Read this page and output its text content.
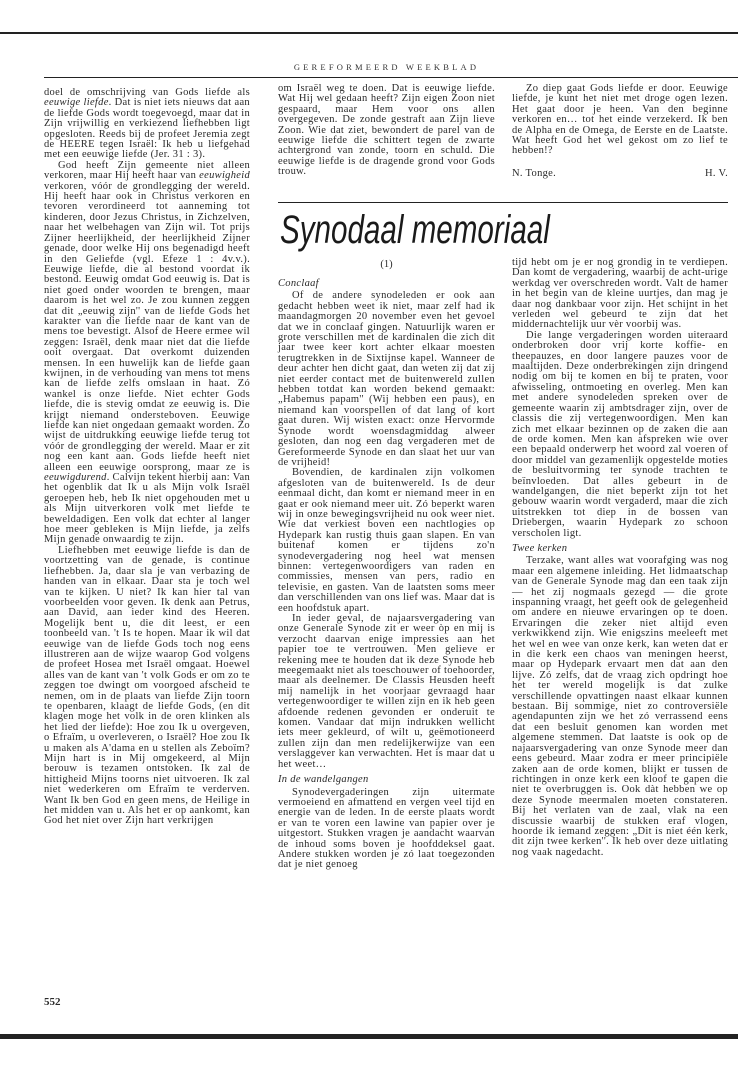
GEREFORMEERD WEEKBLAD

doel de omschrijving van Gods liefde als eeuwige liefde. Dat is niet iets nieuws dat aan de liefde Gods wordt toegevoegd, maar dat in Zijn vrijwillig en verkiezend liefhebben ligt opgesloten. Reeds bij de profeet Jeremia zegt de HEERE tegen Israël: Ik heb u liefgehad met een eeuwige liefde (Jer. 31 : 3).

God heeft Zijn gemeente niet alleen verkoren, maar Hij heeft haar van eeuwigheid verkoren, vóór de grondlegging der wereld. Hij heeft haar ook in Christus verkoren en tevoren verordineerd tot aanneming tot kinderen, door Jezus Christus, in Zichzelven, naar het welbehagen van Zijn wil. Tot prijs Zijner heerlijkheid, der heerlijkheid Zijner genade, door welke Hij ons begenadigd heeft in den Geliefde (vgl. Efeze 1 : 4v.v.). Eeuwige liefde, die al bestond voordat ik bestond. Eeuwig omdat God eeuwig is. Dat is niet goed onder woorden te brengen, maar daarom is het wel zo. Je zou kunnen zeggen dat dit „eeuwig zijn'' van de liefde Gods het karakter van die liefde naar de kant van de mens toe bevestigt. Alsof de Heere ermee wil zeggen: Israël, denk maar niet dat die liefde ooit overgaat. Dat overkomt duizenden mensen. In een huwelijk kan de liefde gaan kwijnen, in de verhouding van mens tot mens kan de liefde zelfs omslaan in haat. Zó wankel is onze liefde. Niet echter Gods liefde, die is stevig omdat ze eeuwig is. Die krijgt niemand ondersteboven. Eeuwige liefde kan niet ongedaan gemaakt worden. Zo wijst de uitdrukking eeuwige liefde terug tot vóór de grondlegging der wereld. Maar er zit nog een kant aan. Gods liefde heeft niet alleen een eeuwige oorsprong, maar ze is eeuwigdurend. Calvijn tekent hierbij aan: Van het ogenblik dat Ik u als Mijn volk Israël geroepen heb, heb Ik niet opgehouden met u als Mijn uitverkoren volk met liefde te beweldadigen. Een volk dat echter al langer hoe meer gebleken is Mijn liefde, ja zelfs Mijn genade onwaardig te zijn.

Liefhebben met eeuwige liefde is dan de voortzetting van de genade, is continue liefhebben. Ja, daar sla je van verbazing de handen van in elkaar. Daar sta je toch wel van te kijken. U niet? Ik kan hier tal van voorbeelden voor geven. Ik denk aan Petrus, aan David, aan ieder kind des Heeren. Mogelijk bent u, die dit leest, er een toonbeeld van. 't Is te hopen. Maar ik wil dat eeuwige van de liefde Gods toch nog eens illustreren aan de wijze waarop God volgens de profeet Hosea met Israël omgaat. Hoewel alles van de kant van 't volk Gods er om zo te zeggen toe dwingt om voorgoed afscheid te nemen, om in de plaats van liefde Zijn toorn te openbaren, klaagt de liefde Gods, (en dit klagen moge het volk in de oren klinken als het lied der liefde): Hoe zou Ik u overgeven, o Efraïm, u overleveren, o Israël? Hoe zou Ik u maken als A'dama en u stellen als Zeboïm? Mijn hart is in Mij omgekeerd, al Mijn berouw is tezamen ontstoken. Ik zal de hittigheid Mijns toorns niet uitvoeren. Ik zal niet wederkeren om Efraïm te verderven. Want Ik ben God en geen mens, de Heilige in het midden van u. Als het er op aankomt, kan God het niet over Zijn hart verkrijgen

om Israël weg te doen. Dat is eeuwige liefde. Wat Hij wel gedaan heeft? Zijn eigen Zoon niet gespaard, maar Hem voor ons allen overgegeven. De zonde gestraft aan Zijn lieve Zoon. Wie dat ziet, bewondert de parel van de eeuwige liefde die schittert tegen de zwarte achtergrond van zonde, toorn en schuld. Die eeuwige liefde is de dragende grond voor Gods trouw.

Zo diep gaat Gods liefde er door. Eeuwige liefde, je kunt het niet met droge ogen lezen. Het gaat door je heen. Van den beginne verkoren en… tot het einde verzekerd. Ik ben de Alpha en de Omega, de Eerste en de Laatste. Wat heeft God het wel gekost om zo lief te hebben!?

N. Tonge.	H. V.
Synodaal memoriaal
(1)
Conclaaf

Of de andere synodeleden er ook aan gedacht hebben weet ik niet, maar zelf had ik maandagmorgen 20 november even het gevoel dat we in conclaaf gingen. Natuurlijk waren er grote verschillen met de kardinalen die zich dit jaar twee keer kort achter elkaar moesten terugtrekken in de Sixtijnse kapel. Wanneer de deur achter hen dicht gaat, dan weten zij dat zij niet eerder contact met de buitenwereld zullen hebben totdat kan worden bekend gemaakt: „Habemus papam'' (Wij hebben een paus), en niemand kan voorspellen of dat lang of kort gaat duren. Wij wisten exact: onze Hervormde Synode wordt woensdagmiddag alweer gesloten, dan nog een dag vergaderen met de Gereformeerde Synode en dan slaat het uur van de vrijheid!

Bovendien, de kardinalen zijn volkomen afgesloten van de buitenwereld. Is de deur eenmaal dicht, dan komt er niemand meer in en gaat er ook niemand meer uit. Zó beperkt waren wij in onze bewegingsvrijheid nu ook weer niet. Wie dat verkiest boven een nachtlogies op Hydepark kan rustig thuis gaan slapen. En van buitenaf komen er tijdens zo'n synodevergadering nog heel wat mensen binnen: vertegenwoordigers van raden en commissies, mensen van pers, radio en televisie, en gasten. Van de laatsten soms meer dan verschillenden van ons lief was. Maar dat is een hoofdstuk apart.

In ieder geval, de najaarsvergadering van onze Generale Synode zit er weer òp en mij is verzocht daarvan enige impressies aan het papier toe te vertrouwen. Men gelieve er rekening mee te houden dat ik deze Synode heb meegemaakt niet als toeschouwer of toehoorder, maar als deelnemer. De Classis Heusden heeft mij namelijk in het voorjaar gevraagd haar vertegenwoordiger te willen zijn en ik heb geen afdoende redenen gevonden er onderuit te komen. Vandaar dat mijn indrukken wellicht iets meer gekleurd, of wilt u, geëmotioneerd zullen zijn dan men redelijkerwijze van een verslaggever kan verwachten. Het is maar dat u het weet…

In de wandelgangen

Synodevergaderingen zijn uitermate vermoeiend en afmattend en vergen veel tijd en energie van de leden. In de eerste plaats wordt er van te voren een lawine van papier over je uitgestort. Stukken vragen je aandacht waarvan de inhoud soms boven je hoofddeksel gaat. Andere stukken worden je zó laat toegezonden dat je niet genoeg

tijd hebt om je er nog grondig in te verdiepen. Dan komt de vergadering, waarbij de acht-urige werkdag ver overschreden wordt. Valt de hamer in het begin van de kleine uurtjes, dan mag je daar nog dankbaar voor zijn. Het schijnt in het verleden wel gebeurd te zijn dat het middernachtelijk uur vèr voorbij was.

Die lange vergaderingen worden uiteraard onderbroken door vrij korte koffie- en theepauzes, en door langere pauzes voor de maaltijden. Deze onderbrekingen zijn dringend nodig om bij te komen en bij te praten, voor afwisseling, ontmoeting en overleg. Men kan met andere synodeleden spreken over de gemeente waarin zij ambtsdrager zijn, over de classis die zij vertegenwoordigen. Men kan zich met elkaar bezinnen op de zaken die aan de orde komen. Men kan afspreken wie over een bepaald onderwerp het woord zal voeren of door middel van gezamenlijk opgestelde moties de besluitvorming ter synode trachten te beïnvloeden. Dat alles gebeurt in de wandelgangen, die niet beperkt zijn tot het gebouw waarin wordt vergaderd, maar die zich uitstrekken tot diep in de bossen van Driebergen, waarin Hydepark zo schoon verscholen ligt.

Twee kerken

Terzake, want alles wat voorafging was nog maar een algemene inleiding. Het lidmaatschap van de Generale Synode mag dan een taak zijn — het zij nogmaals gezegd — die grote inspanning vraagt, het geeft ook de gelegenheid om andere en nieuwe ervaringen op te doen. Ervaringen die zeker niet altijd even verkwikkend zijn. Wie enigszins meeleeft met het wel en wee van onze kerk, kan weten dat er in die kerk een chaos van meningen heerst, maar op Hydepark ervaart men dat aan den lijve. Zó zelfs, dat de vraag zich opdringt hoe het ter wereld mogelijk is dat zulke verschillende opvattingen naast elkaar kunnen bestaan. Bij sommige, niet zo controversiële agendapunten zijn we het zó verrassend eens dat een besluit genomen kan worden met algemene stemmen. Dat laatste is ook op de najaarsvergadering van onze Synode meer dan eens gebeurd. Maar zodra er meer principiële zaken aan de orde komen, blijkt er tussen de richtingen in onze kerk een kloof te gapen die niet te overbruggen is. Ook dàt hebben we op deze Synode meermalen moeten constateren. Bij het verlaten van de zaal, vlak na een discussie waarbij de stukken eraf vlogen, hoorde ik iemand zeggen: „Dit is niet één kerk, dit zijn twee kerken''. Ik heb over deze uitlating nog vaak nagedacht.

552
